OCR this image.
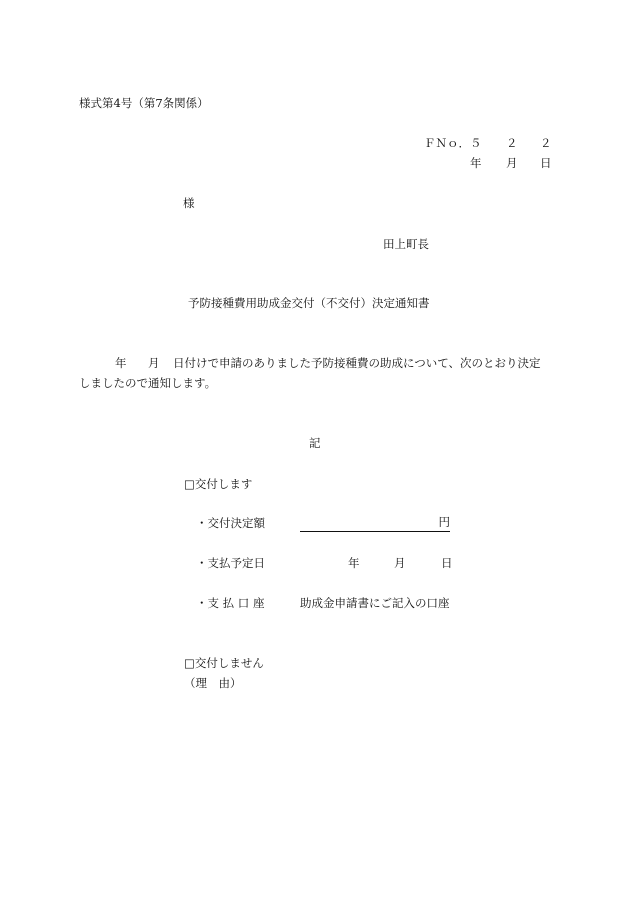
様式第4号（第7条関係）
ＦＮｏ．５ ２ ２
年 月 日
様
田上町長
予防接種費用助成金交付（不交付）決定通知書
年 月 日付けで申請のありました予防接種費の助成について、次のとおり決定
しましたので通知します。
記
□交付します
・交付決定額	円
・支払予定日	年	月	日
・支 払 口 座	助成金申請書にご記入の口座
□交付しません
（理　由）
